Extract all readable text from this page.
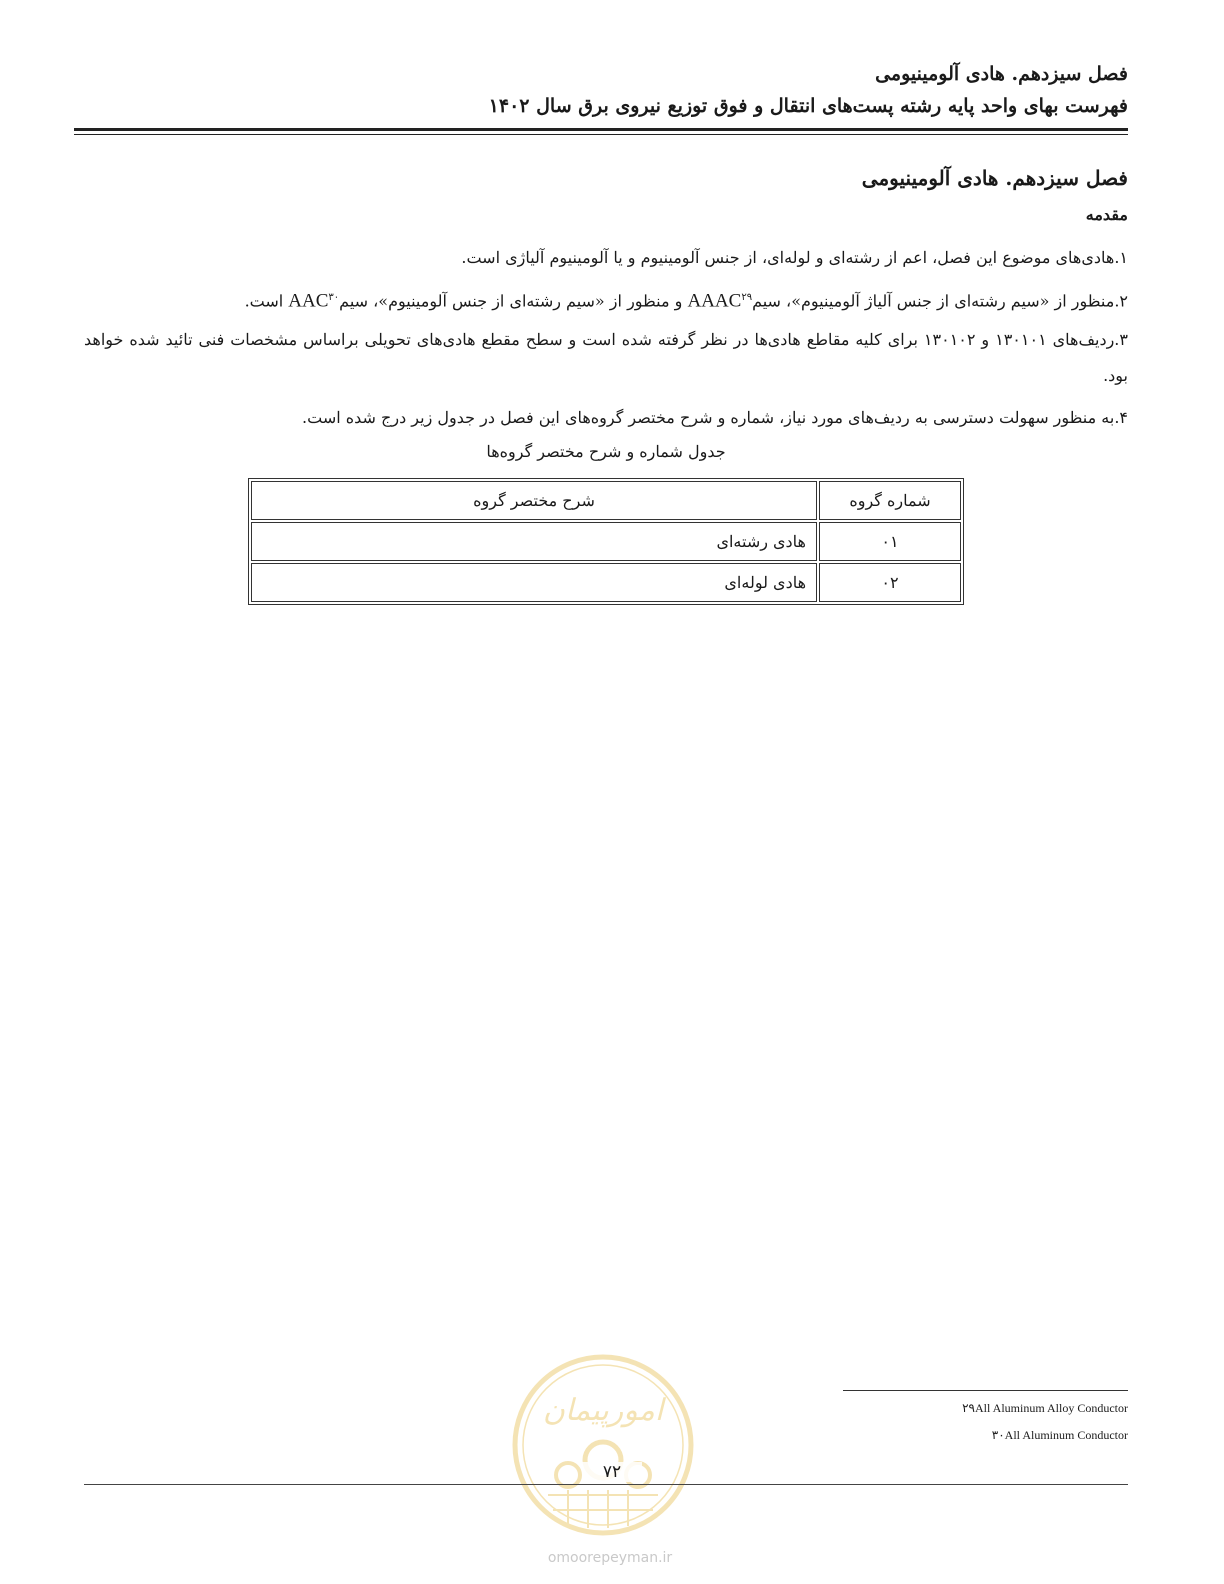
فصل سیزدهم. هادی آلومینیومی
فهرست بهای واحد پایه رشته پست‌های انتقال و فوق توزیع نیروی برق سال ۱۴۰۲
فصل سیزدهم. هادی آلومینیومی
مقدمه
۱.هادی‌های موضوع این فصل، اعم از رشته‌ای و لوله‌ای، از جنس آلومینیوم و یا آلومینیوم آلیاژی است.
۲.منظور از «سیم رشته‌ای از جنس آلیاژ آلومینیوم»، سیمAAAC$^{۲۹}$ و منظور از «سیم رشته‌ای از جنس آلومینیوم»، سیمAAC$^{۳۰}$ است.
۳.ردیف‌های ۱۳۰۱۰۱ و ۱۳۰۱۰۲ برای کلیه مقاطع هادی‌ها در نظر گرفته شده است و سطح مقطع هادی‌های تحویلی براساس مشخصات فنی تائید شده خواهد بود.
۴.به منظور سهولت دسترسی به ردیف‌های مورد نیاز، شماره و شرح مختصر گروه‌های این فصل در جدول زیر درج شده است.
جدول شماره و شرح مختصر گروه‌ها
شماره گروه	شرح مختصر گروه
۰۱	هادی رشته‌ای
۰۲	هادی لوله‌ای
امورپیمان	۲۹All Aluminum Alloy Conductor
۳۰All Aluminum Conductor
۷۲
omoorepeyman.ir
